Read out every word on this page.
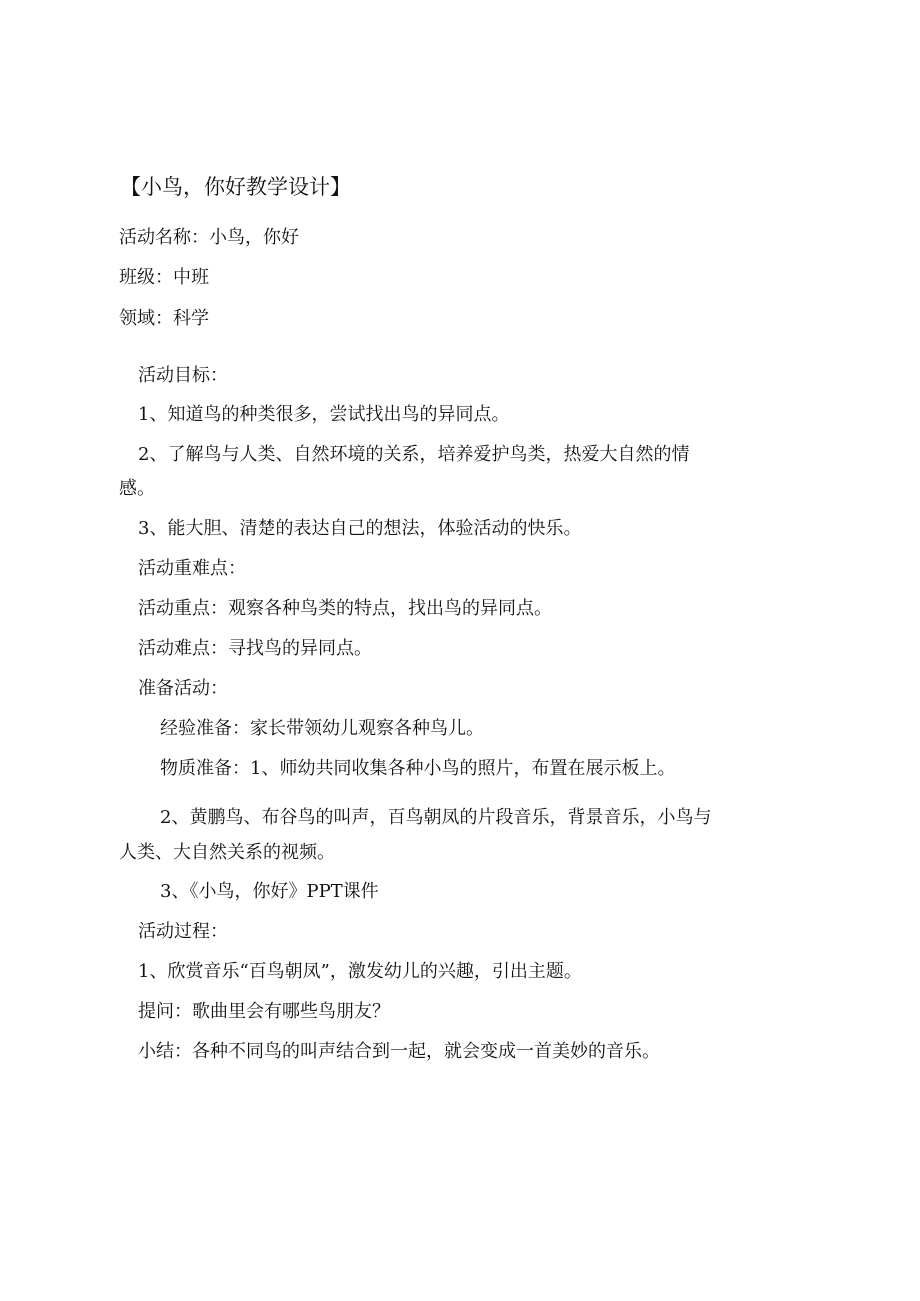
【小鸟，你好教学设计】
活动名称：小鸟，你好
班级：中班
领域：科学
活动目标：
1、知道鸟的种类很多，尝试找出鸟的异同点。
2、了解鸟与人类、自然环境的关系，培养爱护鸟类，热爱大自然的情
感。
3、能大胆、清楚的表达自己的想法，体验活动的快乐。
活动重难点：
活动重点：观察各种鸟类的特点，找出鸟的异同点。
活动难点：寻找鸟的异同点。
准备活动：
经验准备：家长带领幼儿观察各种鸟儿。
物质准备：1、师幼共同收集各种小鸟的照片，布置在展示板上。
2、黄鹏鸟、布谷鸟的叫声，百鸟朝凤的片段音乐，背景音乐，小鸟与
人类、大自然关系的视频。
3、《小鸟，你好》PPT课件
活动过程：
1、欣赏音乐“百鸟朝凤”，激发幼儿的兴趣，引出主题。
提问：歌曲里会有哪些鸟朋友？
小结：各种不同鸟的叫声结合到一起，就会变成一首美妙的音乐。
